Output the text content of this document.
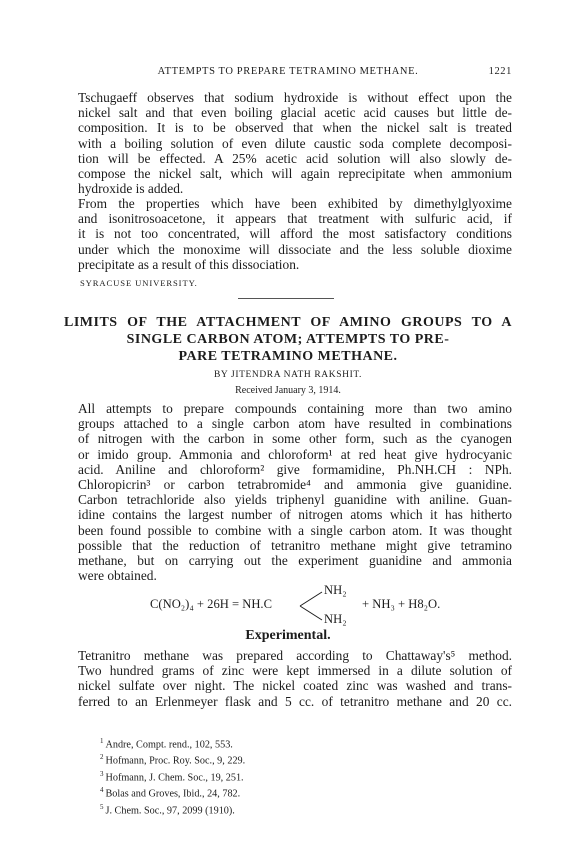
ATTEMPTS TO PREPARE TETRAMINO METHANE.	1221

Tschugaeff observes that sodium hydroxide is without effect upon the
nickel salt and that even boiling glacial acetic acid causes but little de-
composition. It is to be observed that when the nickel salt is treated
with a boiling solution of even dilute caustic soda complete decomposi-
tion will be effected. A 25% acetic acid solution will also slowly de-
compose the nickel salt, which will again reprecipitate when ammonium
hydroxide is added.

From the properties which have been exhibited by dimethylglyoxime
and isonitrosoacetone, it appears that treatment with sulfuric acid, if
it is not too concentrated, will afford the most satisfactory conditions
under which the monoxime will dissociate and the less soluble dioxime
precipitate as a result of this dissociation.

SYRACUSE UNIVERSITY.
LIMITS OF THE ATTACHMENT OF AMINO GROUPS TO A
SINGLE CARBON ATOM; ATTEMPTS TO PRE-
PARE TETRAMINO METHANE.
BY JITENDRA NATH RAKSHIT.
Received January 3, 1914.

All attempts to prepare compounds containing more than two amino
groups attached to a single carbon atom have resulted in combinations
of nitrogen with the carbon in some other form, such as the cyanogen
or imido group. Ammonia and chloroform¹ at red heat give hydrocyanic
acid. Aniline and chloroform² give formamidine, Ph.NH.CH : NPh.
Chloropicrin³ or carbon tetrabromide⁴ and ammonia give guanidine.
Carbon tetrachloride also yields triphenyl guanidine with aniline. Guan-
idine contains the largest number of nitrogen atoms which it has hitherto
been found possible to combine with a single carbon atom. It was thought
possible that the reduction of tetranitro methane might give tetramino
methane, but on carrying out the experiment guanidine and ammonia
were obtained.

C(NO₂)₄ + 26H = NH.C
NH₂
NH₂
+ NH₃ + H8₂O.
Experimental.

Tetranitro methane was prepared according to Chattaway's⁵ method.
Two hundred grams of zinc were kept immersed in a dilute solution of
nickel sulfate over night. The nickel coated zinc was washed and trans-
ferred to an Erlenmeyer flask and 5 cc. of tetranitro methane and 20 cc.

$^1$ Andre, Compt. rend., 102, 553.
$^2$ Hofmann, Proc. Roy. Soc., 9, 229.
$^3$ Hofmann, J. Chem. Soc., 19, 251.
$^4$ Bolas and Groves, Ibid., 24, 782.
$^5$ J. Chem. Soc., 97, 2099 (1910).
